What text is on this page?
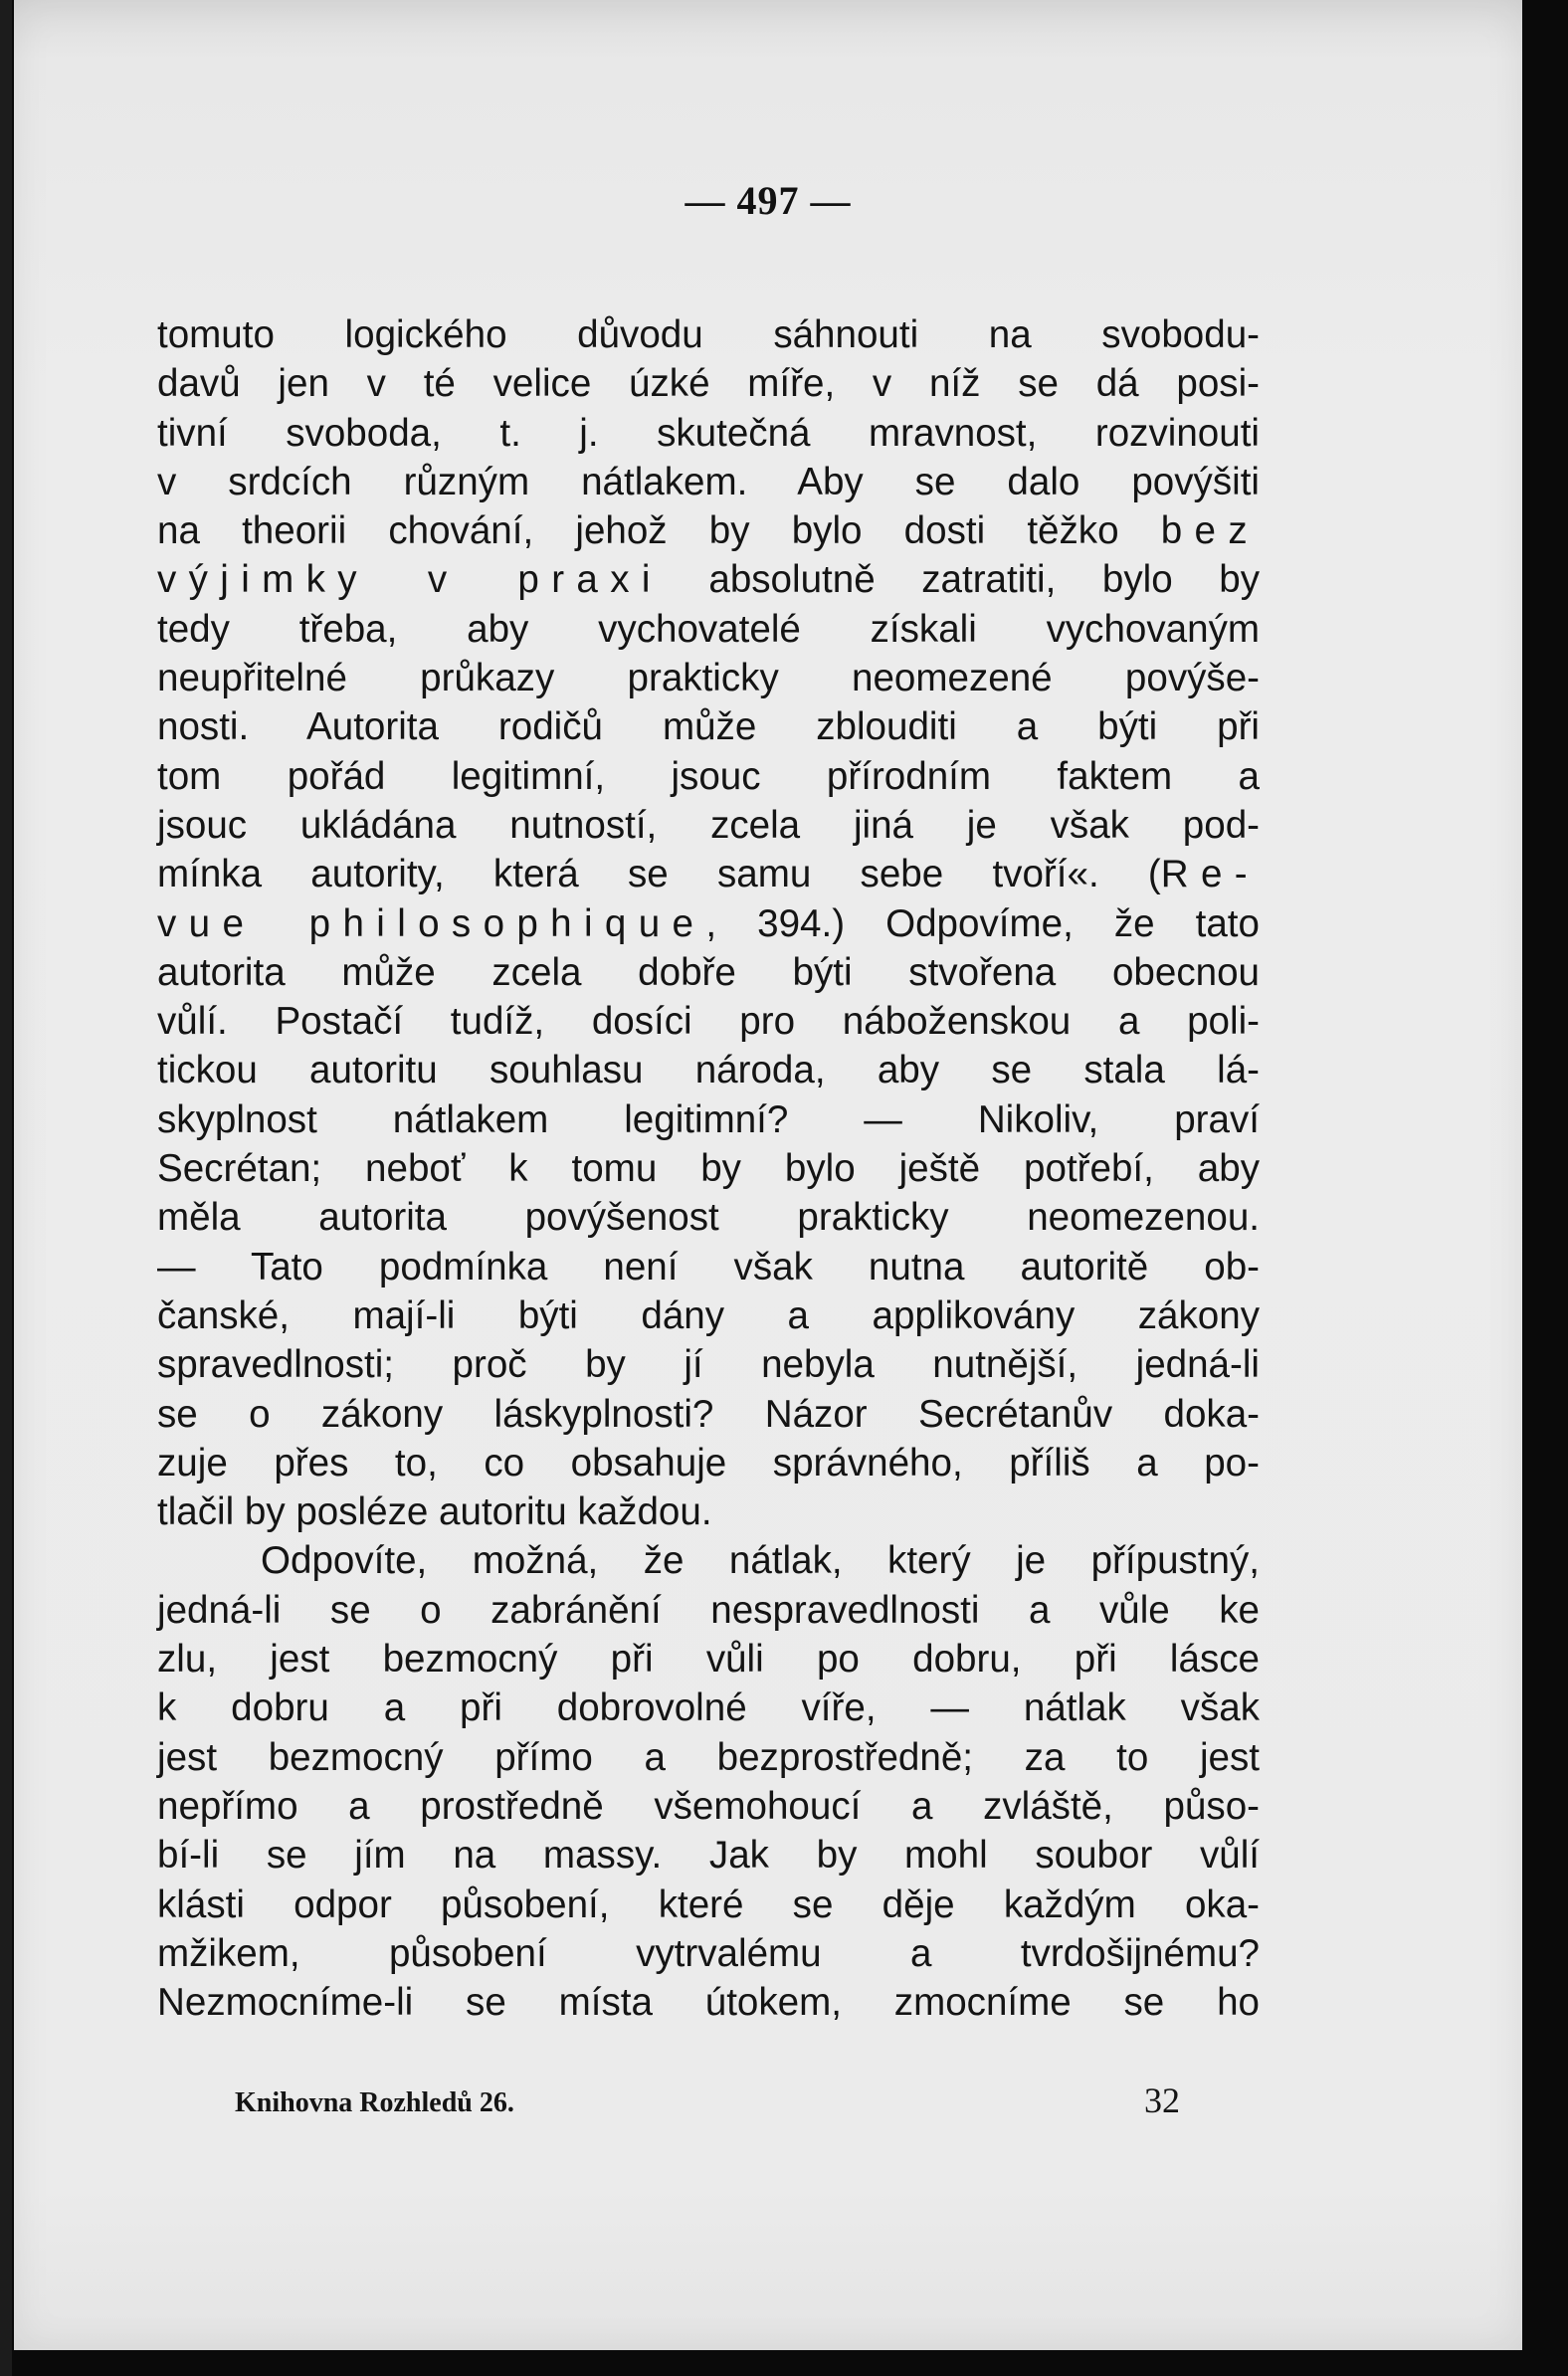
— 497 —
tomuto logického důvodu sáhnouti na svobodu-
davů jen v té velice úzké míře, v níž se dá posi-
tivní svoboda, t. j. skutečná mravnost, rozvinouti
v srdcích různým nátlakem. Aby se dalo povýšiti
na theorii chování, jehož by bylo dosti těžko bez
výjimky v praxi absolutně zatratiti, bylo by
tedy třeba, aby vychovatelé získali vychovaným
neupřitelné průkazy prakticky neomezené povýše-
nosti. Autorita rodičů může zblouditi a býti při
tom pořád legitimní, jsouc přírodním faktem a
jsouc ukládána nutností, zcela jiná je však pod-
mínka autority, která se samu sebe tvoří«. (Re-
vue philosophique, 394.) Odpovíme, že tato
autorita může zcela dobře býti stvořena obecnou
vůlí. Postačí tudíž, dosíci pro náboženskou a poli-
tickou autoritu souhlasu národa, aby se stala lá-
skyplnost nátlakem legitimní? — Nikoliv, praví
Secrétan; neboť k tomu by bylo ještě potřebí, aby
měla autorita povýšenost prakticky neomezenou.
— Tato podmínka není však nutna autoritě ob-
čanské, mají-li býti dány a applikovány zákony
spravedlnosti; proč by jí nebyla nutnější, jedná-li
se o zákony láskyplnosti? Názor Secrétanův doka-
zuje přes to, co obsahuje správného, příliš a po-
tlačil by posléze autoritu každou.
Odpovíte, možná, že nátlak, který je přípustný,
jedná-li se o zabránění nespravedlnosti a vůle ke
zlu, jest bezmocný při vůli po dobru, při lásce
k dobru a při dobrovolné víře, — nátlak však
jest bezmocný přímo a bezprostředně; za to jest
nepřímo a prostředně všemohoucí a zvláště, půso-
bí-li se jím na massy. Jak by mohl soubor vůlí
klásti odpor působení, které se děje každým oka-
mžikem, působení vytrvalému a tvrdošijnému?
Nezmocníme-li se místa útokem, zmocníme se ho
Knihovna Rozhledů 26.	32
